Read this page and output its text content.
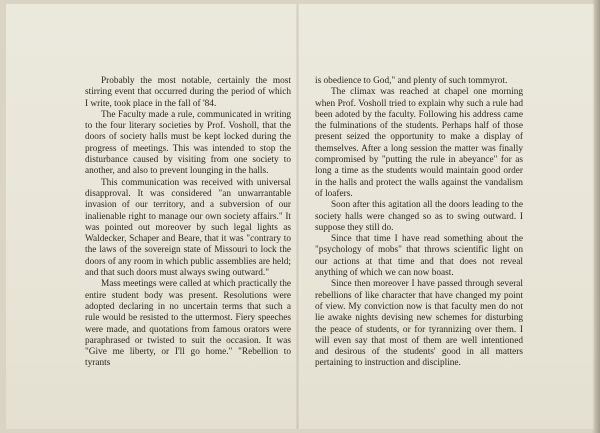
Probably the most notable, certainly the most stirring event that occurred during the period of which I write, took place in the fall of '84.

The Faculty made a rule, communicated in writing to the four literary societies by Prof. Vosholl, that the doors of society halls must be kept locked during the progress of meetings. This was intended to stop the disturbance caused by visiting from one society to another, and also to prevent lounging in the halls.

This communication was received with universal disapproval. It was considered "an unwarrantable invasion of our territory, and a subversion of our inalienable right to manage our own society affairs." It was pointed out moreover by such legal lights as Waldecker, Schaper and Beare, that it was "contrary to the laws of the sovereign state of Missouri to lock the doors of any room in which public assemblies are held; and that such doors must always swing outward."

Mass meetings were called at which practically the entire student body was present. Resolutions were adopted declaring in no uncertain terms that such a rule would be resisted to the uttermost. Fiery speeches were made, and quotations from famous orators were paraphrased or twisted to suit the occasion. It was "Give me liberty, or I'll go home." "Rebellion to tyrants

is obedience to God," and plenty of such tommyrot.

The climax was reached at chapel one morning when Prof. Vosholl tried to explain why such a rule had been adoted by the faculty. Following his address came the fulminations of the students. Perhaps half of those present seized the opportunity to make a display of themselves. After a long session the matter was finally compromised by "putting the rule in abeyance" for as long a time as the students would maintain good order in the halls and protect the walls against the vandalism of loafers.

Soon after this agitation all the doors leading to the society halls were changed so as to swing outward. I suppose they still do.

Since that time I have read something about the "psychology of mobs" that throws scientific light on our actions at that time and that does not reveal anything of which we can now boast.

Since then moreover I have passed through several rebellions of like character that have changed my point of view. My conviction now is that faculty men do not lie awake nights devising new schemes for disturbing the peace of students, or for tyrannizing over them. I will even say that most of them are well intentioned and desirous of the students' good in all matters pertaining to instruction and discipline.
